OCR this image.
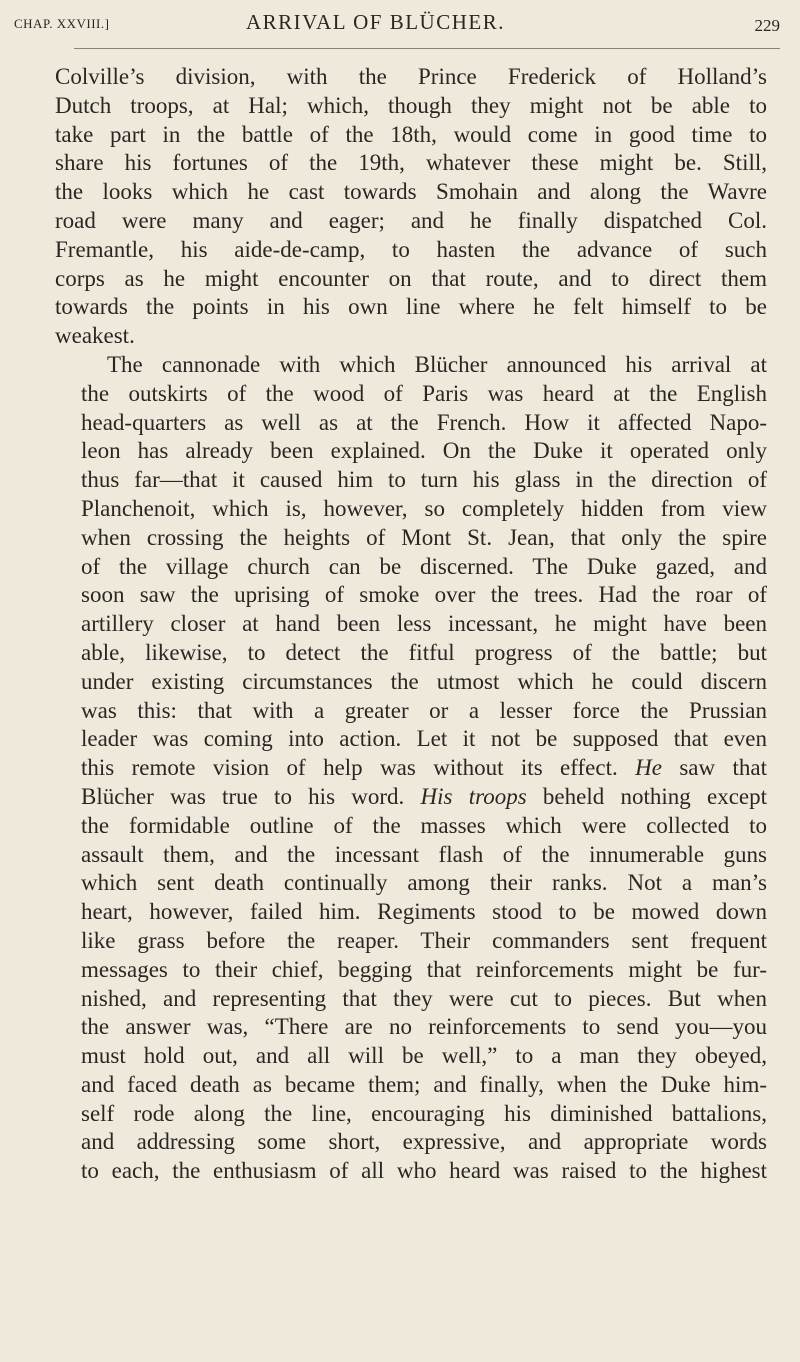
CHAP. XXVIII.]	ARRIVAL OF BLÜCHER.	229

Colville’s division, with the Prince Frederick of Holland’s
Dutch troops, at Hal; which, though they might not be able to
take part in the battle of the 18th, would come in good time to
share his fortunes of the 19th, whatever these might be. Still,
the looks which he cast towards Smohain and along the Wavre
road were many and eager; and he finally dispatched Col.
Fremantle, his aide-de-camp, to hasten the advance of such
corps as he might encounter on that route, and to direct them
towards the points in his own line where he felt himself to be
weakest.

The cannonade with which Blücher announced his arrival at
the outskirts of the wood of Paris was heard at the English
head-quarters as well as at the French. How it affected Napo-
leon has already been explained. On the Duke it operated only
thus far—that it caused him to turn his glass in the direction of
Planchenoit, which is, however, so completely hidden from view
when crossing the heights of Mont St. Jean, that only the spire
of the village church can be discerned. The Duke gazed, and
soon saw the uprising of smoke over the trees. Had the roar of
artillery closer at hand been less incessant, he might have been
able, likewise, to detect the fitful progress of the battle; but
under existing circumstances the utmost which he could discern
was this: that with a greater or a lesser force the Prussian
leader was coming into action. Let it not be supposed that even
this remote vision of help was without its effect. He saw that
Blücher was true to his word. His troops beheld nothing except
the formidable outline of the masses which were collected to
assault them, and the incessant flash of the innumerable guns
which sent death continually among their ranks. Not a man’s
heart, however, failed him. Regiments stood to be mowed down
like grass before the reaper. Their commanders sent frequent
messages to their chief, begging that reinforcements might be fur-
nished, and representing that they were cut to pieces. But when
the answer was, “There are no reinforcements to send you—you
must hold out, and all will be well,” to a man they obeyed,
and faced death as became them; and finally, when the Duke him-
self rode along the line, encouraging his diminished battalions,
and addressing some short, expressive, and appropriate words
to each, the enthusiasm of all who heard was raised to the highest
